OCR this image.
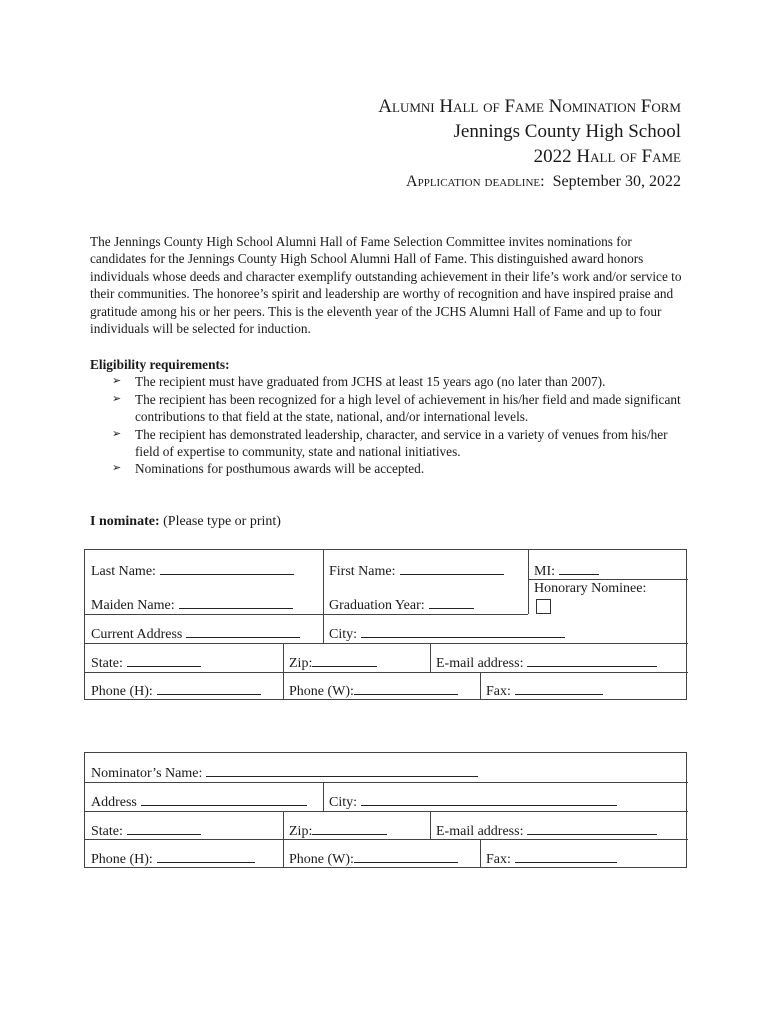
Alumni Hall of Fame Nomination Form
Jennings County High School
2022 Hall of Fame
Application deadline: September 30, 2022
The Jennings County High School Alumni Hall of Fame Selection Committee invites nominations for candidates for the Jennings County High School Alumni Hall of Fame. This distinguished award honors individuals whose deeds and character exemplify outstanding achievement in their life’s work and/or service to their communities. The honoree’s spirit and leadership are worthy of recognition and have inspired praise and gratitude among his or her peers. This is the eleventh year of the JCHS Alumni Hall of Fame and up to four individuals will be selected for induction.
Eligibility requirements:
➢ The recipient must have graduated from JCHS at least 15 years ago (no later than 2007).
➢ The recipient has been recognized for a high level of achievement in his/her field and made significant contributions to that field at the state, national, and/or international levels.
➢ The recipient has demonstrated leadership, character, and service in a variety of venues from his/her field of expertise to community, state and national initiatives.
➢ Nominations for posthumous awards will be accepted.
I nominate: (Please type or print)
Last Name:	First Name:	MI:
Honorary Nominee:
Maiden Name:	Graduation Year:
Current Address	City:
State:	Zip:	E-mail address:
Phone (H):	Phone (W):	Fax:
Nominator’s Name:
Address	City:
State:	Zip:	E-mail address:
Phone (H):	Phone (W):	Fax:
